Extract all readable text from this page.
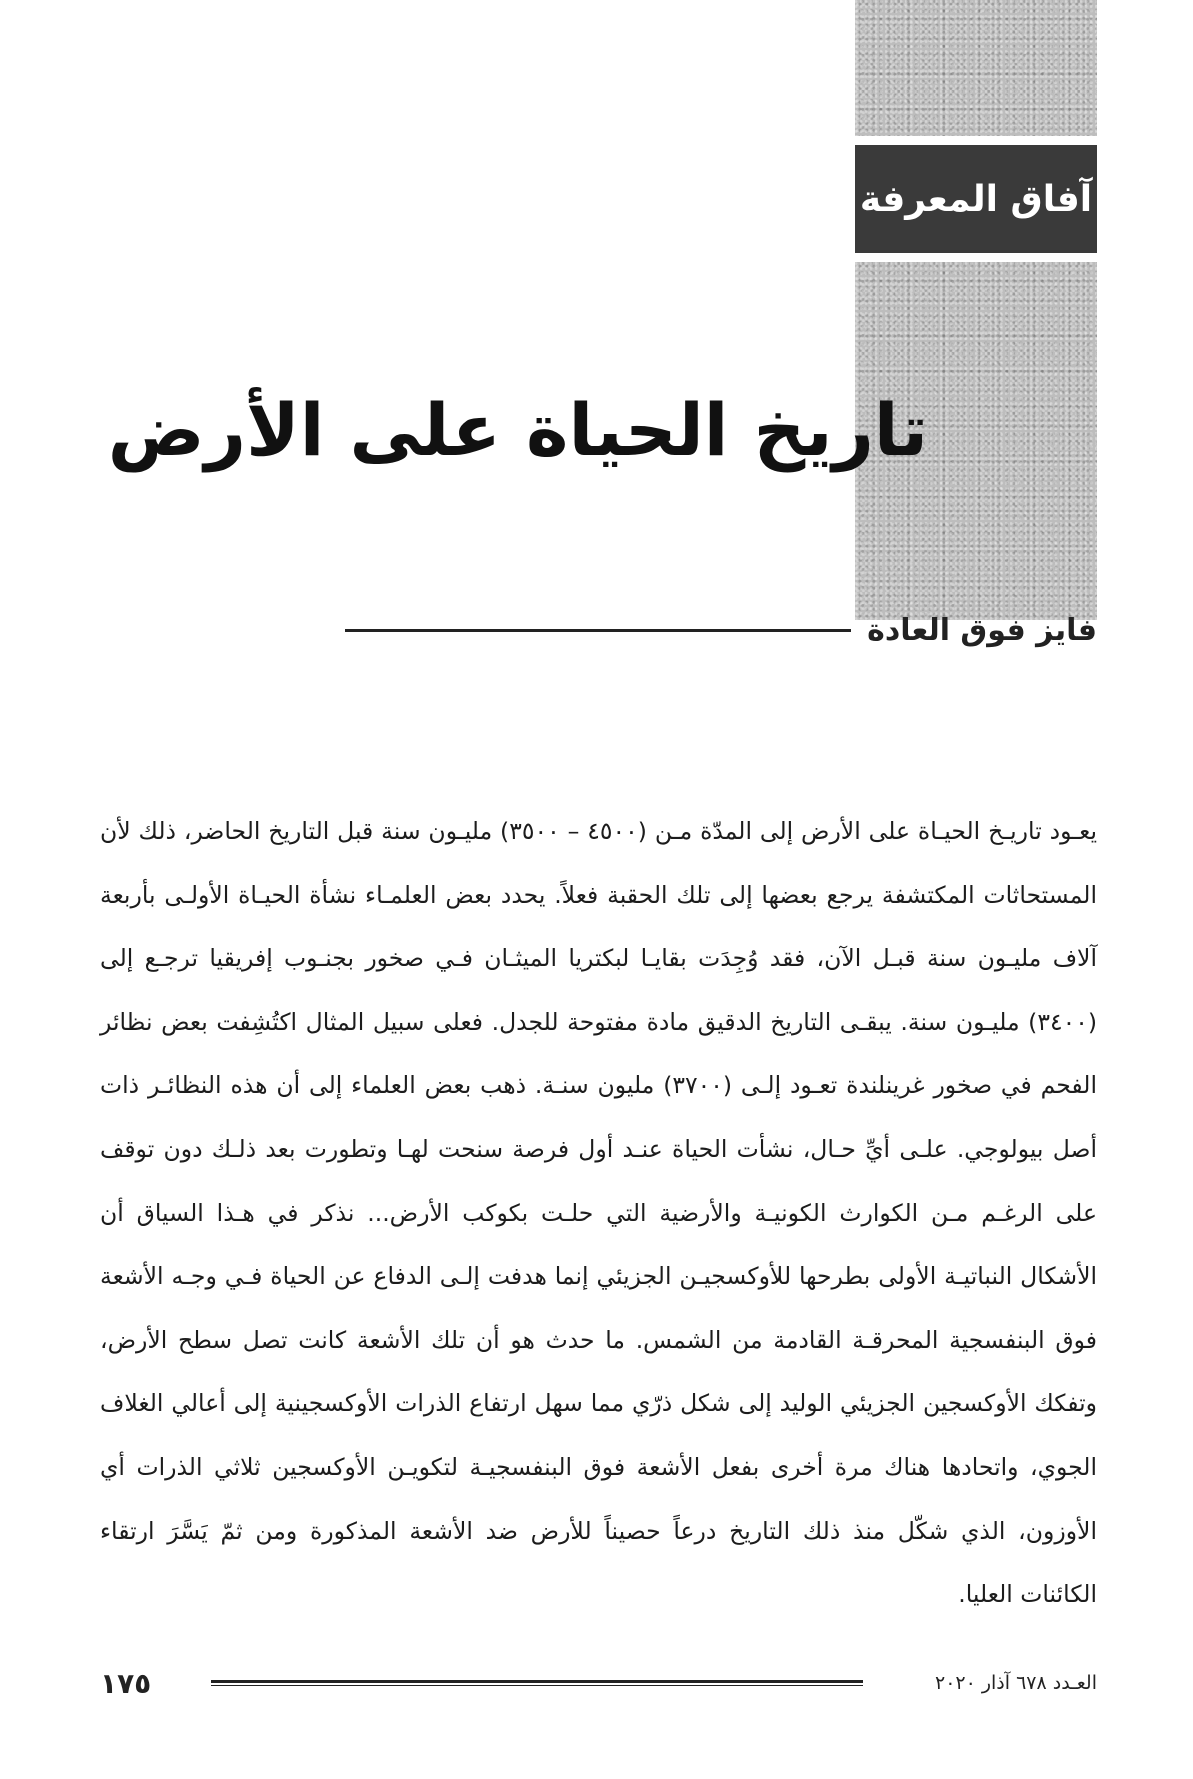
آفاق المعرفة
تاريخ الحياة على الأرض
فايز فوق العادة

يعـود تاريـخ الحيـاة على الأرض إلى المدّة مـن (٤٥٠٠ – ٣٥٠٠) مليـون سنة قبل التاريخ الحاضر، ذلك لأن المستحاثات المكتشفة يرجع بعضها إلى تلك الحقبة فعلاً. يحدد بعض العلمـاء نشأة الحيـاة الأولـى بأربعة آلاف مليـون سنة قبـل الآن، فقد وُجِدَت بقايـا لبكتريا الميثـان فـي صخور بجنـوب إفريقيا ترجـع إلى (٣٤٠٠) مليـون سنة. يبقـى التاريخ الدقيق مادة مفتوحة للجدل. فعلى سبيل المثال اكتُشِفت بعض نظائر الفحم في صخور غرينلندة تعـود إلـى (٣٧٠٠) مليون سنـة. ذهب بعض العلماء إلى أن هذه النظائـر ذات أصل بيولوجي. علـى أيِّ حـال، نشأت الحياة عنـد أول فرصة سنحت لهـا وتطورت بعد ذلـك دون توقف على الرغـم مـن الكوارث الكونيـة والأرضية التي حلـت بكوكب الأرض... نذكر في هـذا السياق أن الأشكال النباتيـة الأولى بطرحها للأوكسجيـن الجزيئي إنما هدفت إلـى الدفاع عن الحياة فـي وجـه الأشعة فوق البنفسجية المحرقـة القادمة من الشمس. ما حدث هو أن تلك الأشعة كانت تصل سطح الأرض، وتفكك الأوكسجين الجزيئي الوليد إلى شكل ذرّي مما سهل ارتفاع الذرات الأوكسجينية إلى أعالي الغلاف الجوي، واتحادها هناك مرة أخرى بفعل الأشعة فوق البنفسجيـة لتكويـن الأوكسجين ثلاثي الذرات أي الأوزون، الذي شكّل منذ ذلك التاريخ درعاً حصيناً للأرض ضد الأشعة المذكورة ومن ثمّ يَسَّرَ ارتقاء الكائنات العليا.

العـدد ٦٧٨ آذار ٢٠٢٠
١٧٥
